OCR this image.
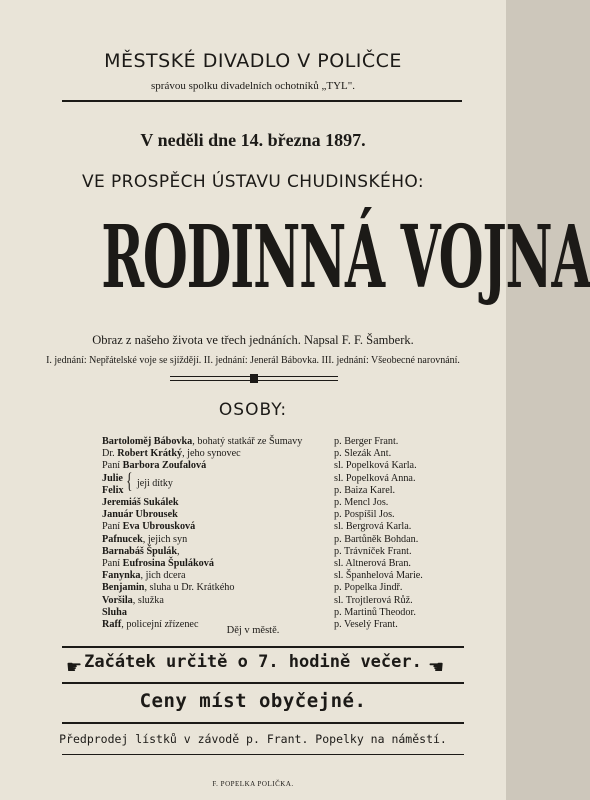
MĚSTSKÉ DIVADLO V POLIČCE
správou spolku divadelních ochotníků „TYL".
V neděli dne 14. března 1897.
VE PROSPĚCH ÚSTAVU CHUDINSKÉHO:
RODINNÁ VOJNA
Obraz z našeho života ve třech jednáních. Napsal F. F. Šamberk.
I. jednání: Nepřátelské voje se sjíždějí. II. jednání: Jenerál Bábovka. III. jednání: Všeobecné narovnání.
OSOBY:
Bartoloměj Bábovka, bohatý statkář ze Šumavy	p. Berger Frant.
Dr. Robert Krátký, jeho synovec	p. Slezák Ant.
Paní Barbora Zoufalová	sl. Popelková Karla.
Julie	sl. Popelková Anna.
Felix	p. Baiza Karel.
Jeremiáš Sukálek	p. Mencl Jos.
Január Ubrousek	p. Pospíšil Jos.
Paní Eva Ubrousková	sl. Bergrová Karla.
Pafnucek, jejich syn	p. Bartůněk Bohdan.
Barnabáš Špulák,	p. Trávníček Frant.
Paní Eufrosina Špuláková	sl. Altnerová Bran.
Fanynka, jich dcera	sl. Španhelová Marie.
Benjamin, sluha u Dr. Krátkého	p. Popelka Jindř.
Voršila, služka	sl. Trojtlerová Růž.
Sluha	p. Martinů Theodor.
Raff, policejní zřízenec	p. Veselý Frant.
{ jeji dítky
Děj v městě.
☛ Začátek určitě o 7. hodině večer. ☚
Ceny míst obyčejné.
Předprodej lístků v závodě p. Frant. Popelky na náměstí.
F. POPELKA POLIČKA.
